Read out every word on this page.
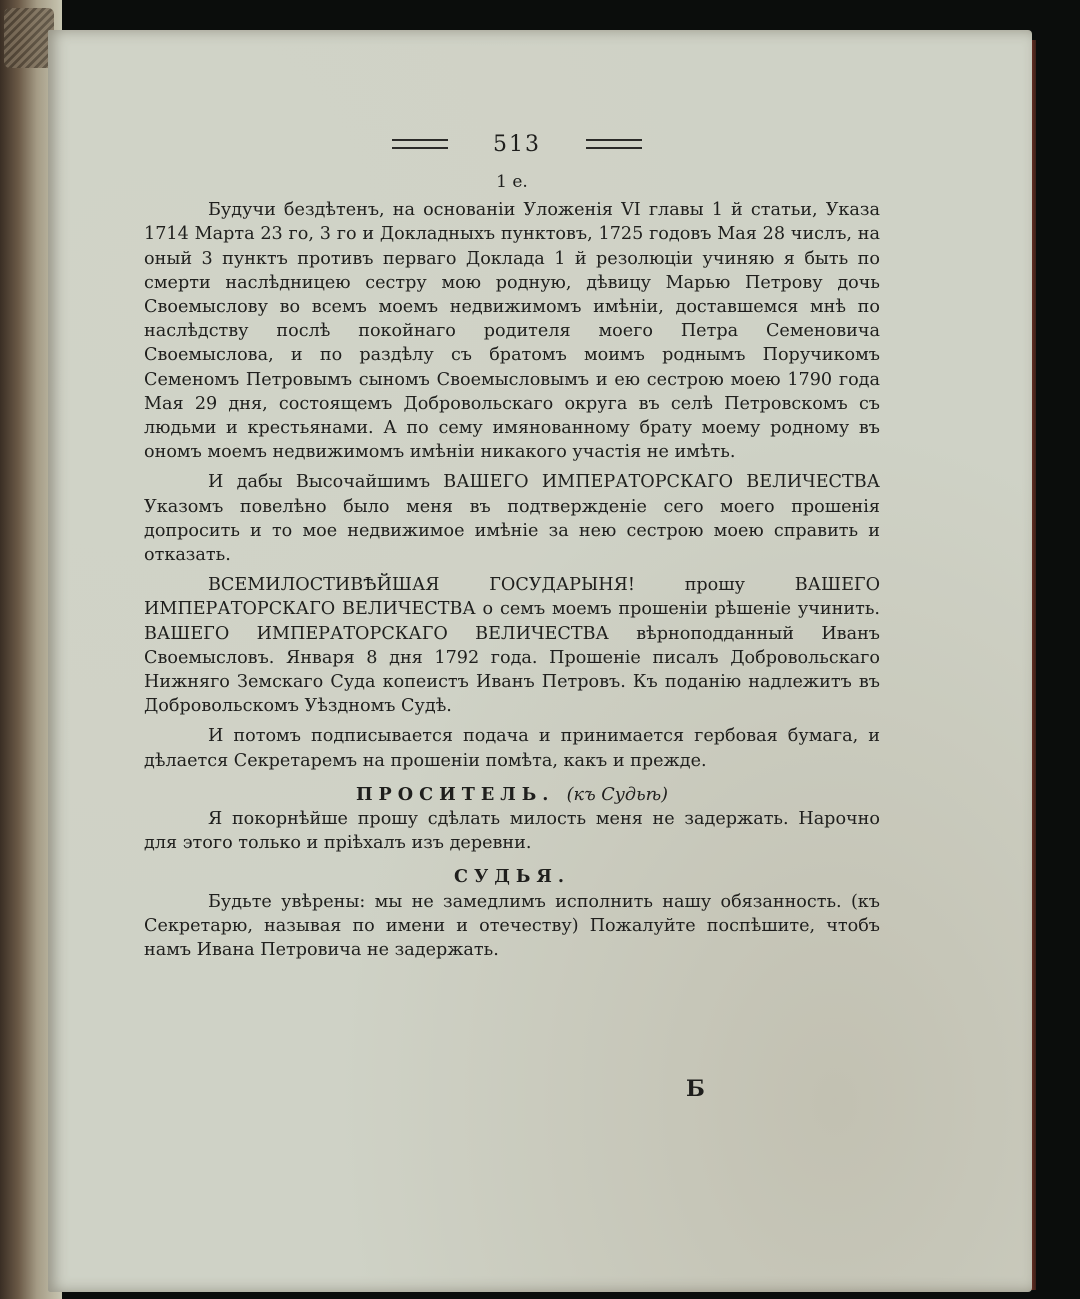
513
1 е.

Будучи бездѣтенъ, на основаніи Уложенія VI главы 1 й статьи, Указа 1714 Марта 23 го, 3 го и Докладныхъ пунктовъ, 1725 годовъ Мая 28 числъ, на оный 3 пунктъ противъ перваго Доклада 1 й резолюціи учиняю я быть по смерти наслѣдницею сестру мою родную, дѣвицу Марью Петрову дочь Своемыслову во всемъ моемъ недвижимомъ имѣніи, доставшемся мнѣ по наслѣдству послѣ покойнаго родителя моего Петра Семеновича Своемыслова, и по раздѣлу съ братомъ моимъ роднымъ Поручикомъ Семеномъ Петровымъ сыномъ Своемысловымъ и ею сестрою моею 1790 года Мая 29 дня, состоящемъ Добровольскаго округа въ селѣ Петровскомъ съ людьми и крестьянами. А по сему имянованному брату моему родному въ ономъ моемъ недвижимомъ имѣніи никакого участія не имѣть.

И дабы Высочайшимъ ВАШЕГО ИМПЕРАТОРСКАГО ВЕЛИЧЕСТВА Указомъ повелѣно было меня въ подтвержденіе сего моего прошенія допросить и то мое недвижимое имѣніе за нею сестрою моею справить и отказать.

ВСЕМИЛОСТИВѢЙШАЯ ГОСУДАРЫНЯ! прошу ВАШЕГО ИМПЕРАТОРСКАГО ВЕЛИЧЕСТВА о семъ моемъ прошеніи рѣшеніе учинить. ВАШЕГО ИМПЕРАТОРСКАГО ВЕЛИЧЕСТВА вѣрноподданный Иванъ Своемысловъ. Января 8 дня 1792 года. Прошеніе писалъ Добровольскаго Нижняго Земскаго Суда копеистъ Иванъ Петровъ. Къ поданію надлежитъ въ Добровольскомъ Уѣздномъ Судѣ.

И потомъ подписывается подача и принимается гербовая бумага, и дѣлается Секретаремъ на прошеніи помѣта, какъ и прежде.

ПРОСИТЕЛЬ. (къ Судьѣ)

Я покорнѣйше прошу сдѣлать милость меня не задержать. Нарочно для этого только и пріѣхалъ изъ деревни.

СУДЬЯ.

Будьте увѣрены: мы не замедлимъ исполнить нашу обязанность. (къ Секретарю, называя по имени и отечеству) Пожалуйте поспѣшите, чтобъ намъ Ивана Петровича не задержать.

Б
